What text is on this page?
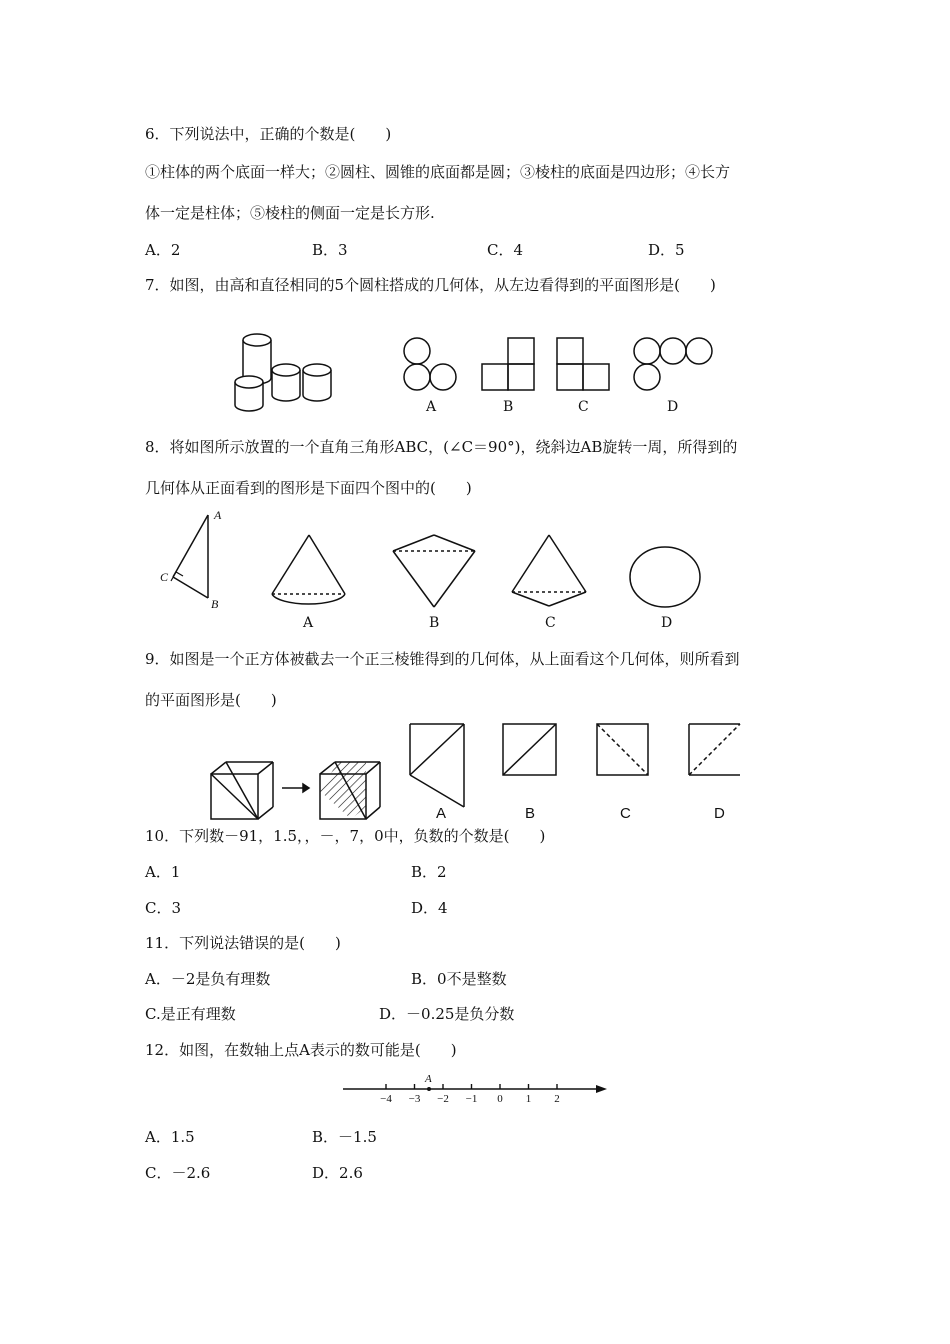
6．下列说法中，正确的个数是(　　)
①柱体的两个底面一样大；②圆柱、圆锥的底面都是圆；③棱柱的底面是四边形；④长方
体一定是柱体；⑤棱柱的侧面一定是长方形.
A．2	B．3	C．4	D．5
7．如图，由高和直径相同的5个圆柱搭成的几何体，从左边看得到的平面图形是(　　)
A	B	C	D
8．将如图所示放置的一个直角三角形ABC，(∠C＝90°)，绕斜边AB旋转一周，所得到的
几何体从正面看到的图形是下面四个图中的(　　)
A
C
B
A	B	C	D
9．如图是一个正方体被截去一个正三棱锥得到的几何体，从上面看这个几何体，则所看到
的平面图形是(　　)
A	B	C	D
10．下列数－91，1.5，，－，7，0中，负数的个数是(　　)
A．1	B．2
C．3	D．4
11．下列说法错误的是(　　)
A．－2是负有理数	B．0不是整数
C.是正有理数	D．－0.25是负分数
12．如图，在数轴上点A表示的数可能是(　　)
A
−4 −3 −2 −1 0 1 2
A．1.5	B．－1.5
C．－2.6	D．2.6
